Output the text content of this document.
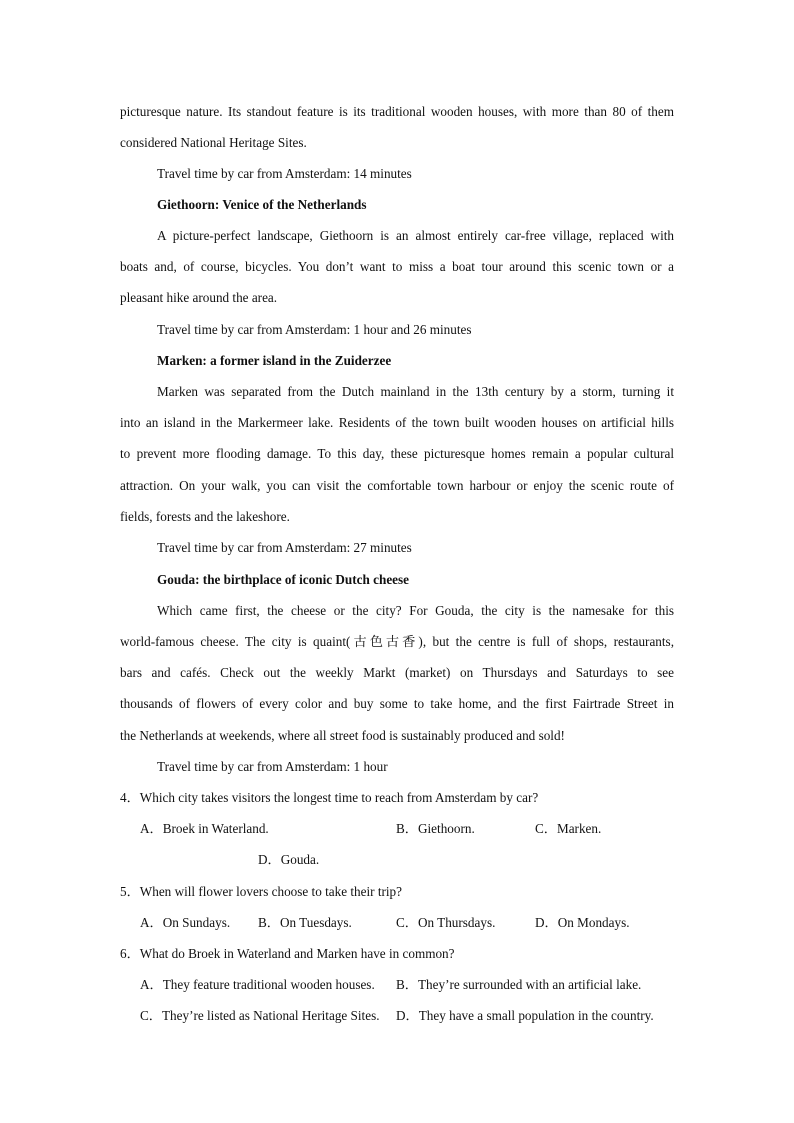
picturesque nature. Its standout feature is its traditional wooden houses, with more than 80 of them
considered National Heritage Sites.
Travel time by car from Amsterdam: 14 minutes
Giethoorn: Venice of the Netherlands
A picture-perfect landscape, Giethoorn is an almost entirely car-free village, replaced with
boats and, of course, bicycles. You don’t want to miss a boat tour around this scenic town or a
pleasant hike around the area.
Travel time by car from Amsterdam: 1 hour and 26 minutes
Marken: a former island in the Zuiderzee
Marken was separated from the Dutch mainland in the 13th century by a storm, turning it
into an island in the Markermeer lake. Residents of the town built wooden houses on artificial hills
to prevent more flooding damage. To this day, these picturesque homes remain a popular cultural
attraction. On your walk, you can visit the comfortable town harbour or enjoy the scenic route of
fields, forests and the lakeshore.
Travel time by car from Amsterdam: 27 minutes
Gouda: the birthplace of iconic Dutch cheese
Which came first, the cheese or the city? For Gouda, the city is the namesake for this
world-famous cheese. The city is quaint(古色古香), but the centre is full of shops, restaurants,
bars and cafés. Check out the weekly Markt (market) on Thursdays and Saturdays to see
thousands of flowers of every color and buy some to take home, and the first Fairtrade Street in
the Netherlands at weekends, where all street food is sustainably produced and sold!
Travel time by car from Amsterdam: 1 hour
4．Which city takes visitors the longest time to reach from Amsterdam by car?
A．Broek in Waterland.	B．Giethoorn.	C．Marken.
D．Gouda.
5．When will flower lovers choose to take their trip?
A．On Sundays. B．On Tuesdays.	C．On Thursdays.	D．On Mondays.
6．What do Broek in Waterland and Marken have in common?
A．They feature traditional wooden houses. B．They’re surrounded with an artificial lake.
C．They’re listed as National Heritage Sites. D．They have a small population in the country.
